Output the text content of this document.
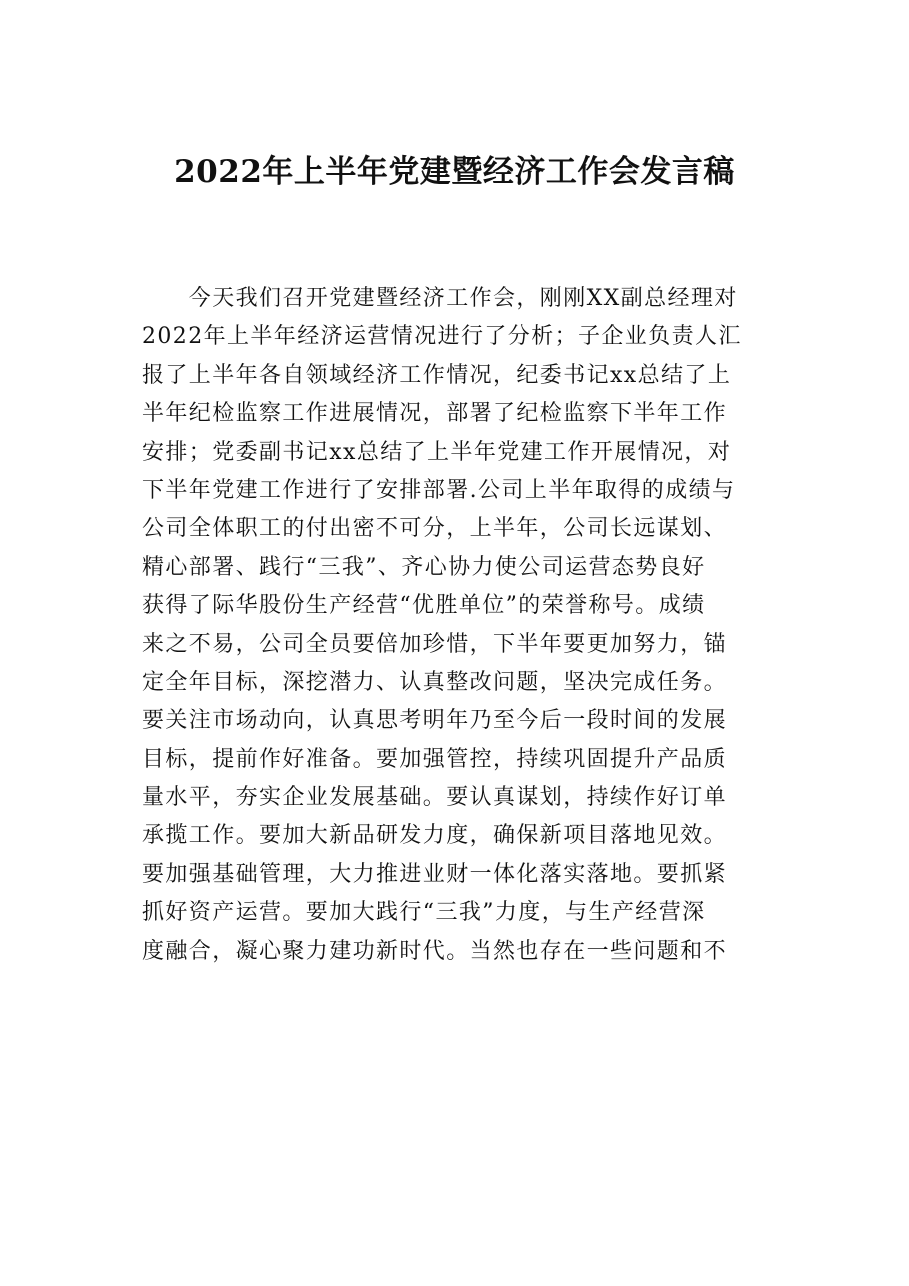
2022年上半年党建暨经济工作会发言稿
　　今天我们召开党建暨经济工作会，刚刚XX副总经理对
2022年上半年经济运营情况进行了分析；子企业负责人汇
报了上半年各自领域经济工作情况，纪委书记xx总结了上
半年纪检监察工作进展情况，部署了纪检监察下半年工作
安排；党委副书记xx总结了上半年党建工作开展情况，对
下半年党建工作进行了安排部署.公司上半年取得的成绩与
公司全体职工的付出密不可分，上半年，公司长远谋划、
精心部署、践行“三我”、齐心协力使公司运营态势良好
获得了际华股份生产经营“优胜单位”的荣誉称号。成绩
来之不易，公司全员要倍加珍惜，下半年要更加努力，锚
定全年目标，深挖潜力、认真整改问题，坚决完成任务。
要关注市场动向，认真思考明年乃至今后一段时间的发展
目标，提前作好准备。要加强管控，持续巩固提升产品质
量水平，夯实企业发展基础。要认真谋划，持续作好订单
承揽工作。要加大新品研发力度，确保新项目落地见效。
要加强基础管理，大力推进业财一体化落实落地。要抓紧
抓好资产运营。要加大践行“三我”力度，与生产经营深
度融合，凝心聚力建功新时代。当然也存在一些问题和不
